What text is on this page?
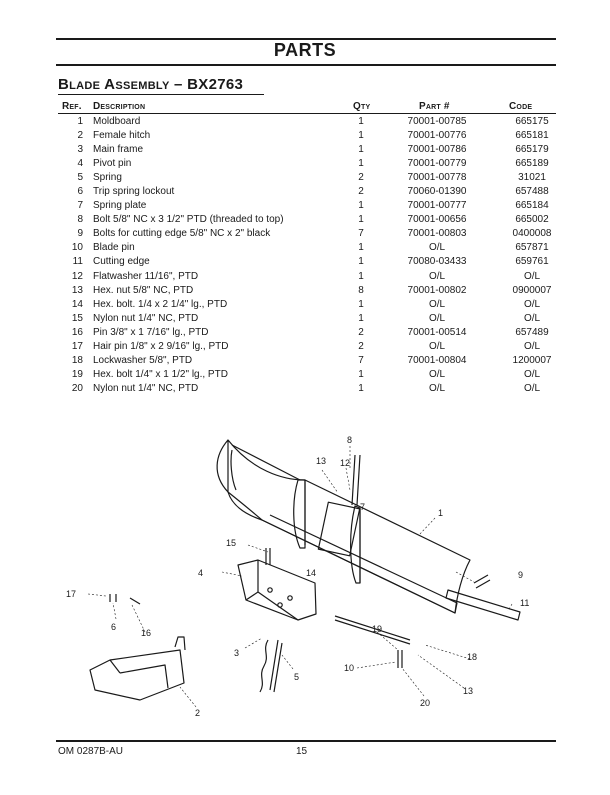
PARTS
Blade Assembly – BX2763
Ref. Description	Qty	Part #	Code
1	Moldboard	1	70001-00785	665175
2	Female hitch	1	70001-00776	665181
3	Main frame	1	70001-00786	665179
4	Pivot pin	1	70001-00779	665189
5	Spring	2	70001-00778	31021
6	Trip spring lockout	2	70060-01390	657488
7	Spring plate	1	70001-00777	665184
8	Bolt 5/8" NC x 3 1/2" PTD (threaded to top)	1	70001-00656	665002
9	Bolts for cutting edge 5/8" NC x 2" black	7	70001-00803	0400008
10	Blade pin	1	O/L	657871
11	Cutting edge	1	70080-03433	659761
12	Flatwasher 11/16", PTD	1	O/L	O/L
13	Hex. nut 5/8" NC, PTD	8	70001-00802	0900007
14	Hex. bolt. 1/4 x 2 1/4" lg., PTD	1	O/L	O/L
15	Nylon nut 1/4" NC, PTD	1	O/L	O/L
16	Pin 3/8" x 1 7/16" lg., PTD	2	70001-00514	657489
17	Hair pin 1/8" x 2 9/16" lg., PTD	2	O/L	O/L
18	Lockwasher 5/8", PTD	7	70001-00804	1200007
19	Hex. bolt 1/4" x 1 1/2" lg., PTD	1	O/L	O/L
20	Nylon nut 1/4" NC, PTD	1	O/L	O/L
8
13 12
7
1
9
11
18
13
19
10
20
15
14
4
17
6
16
3
5
2
OM 0287B-AU	15
